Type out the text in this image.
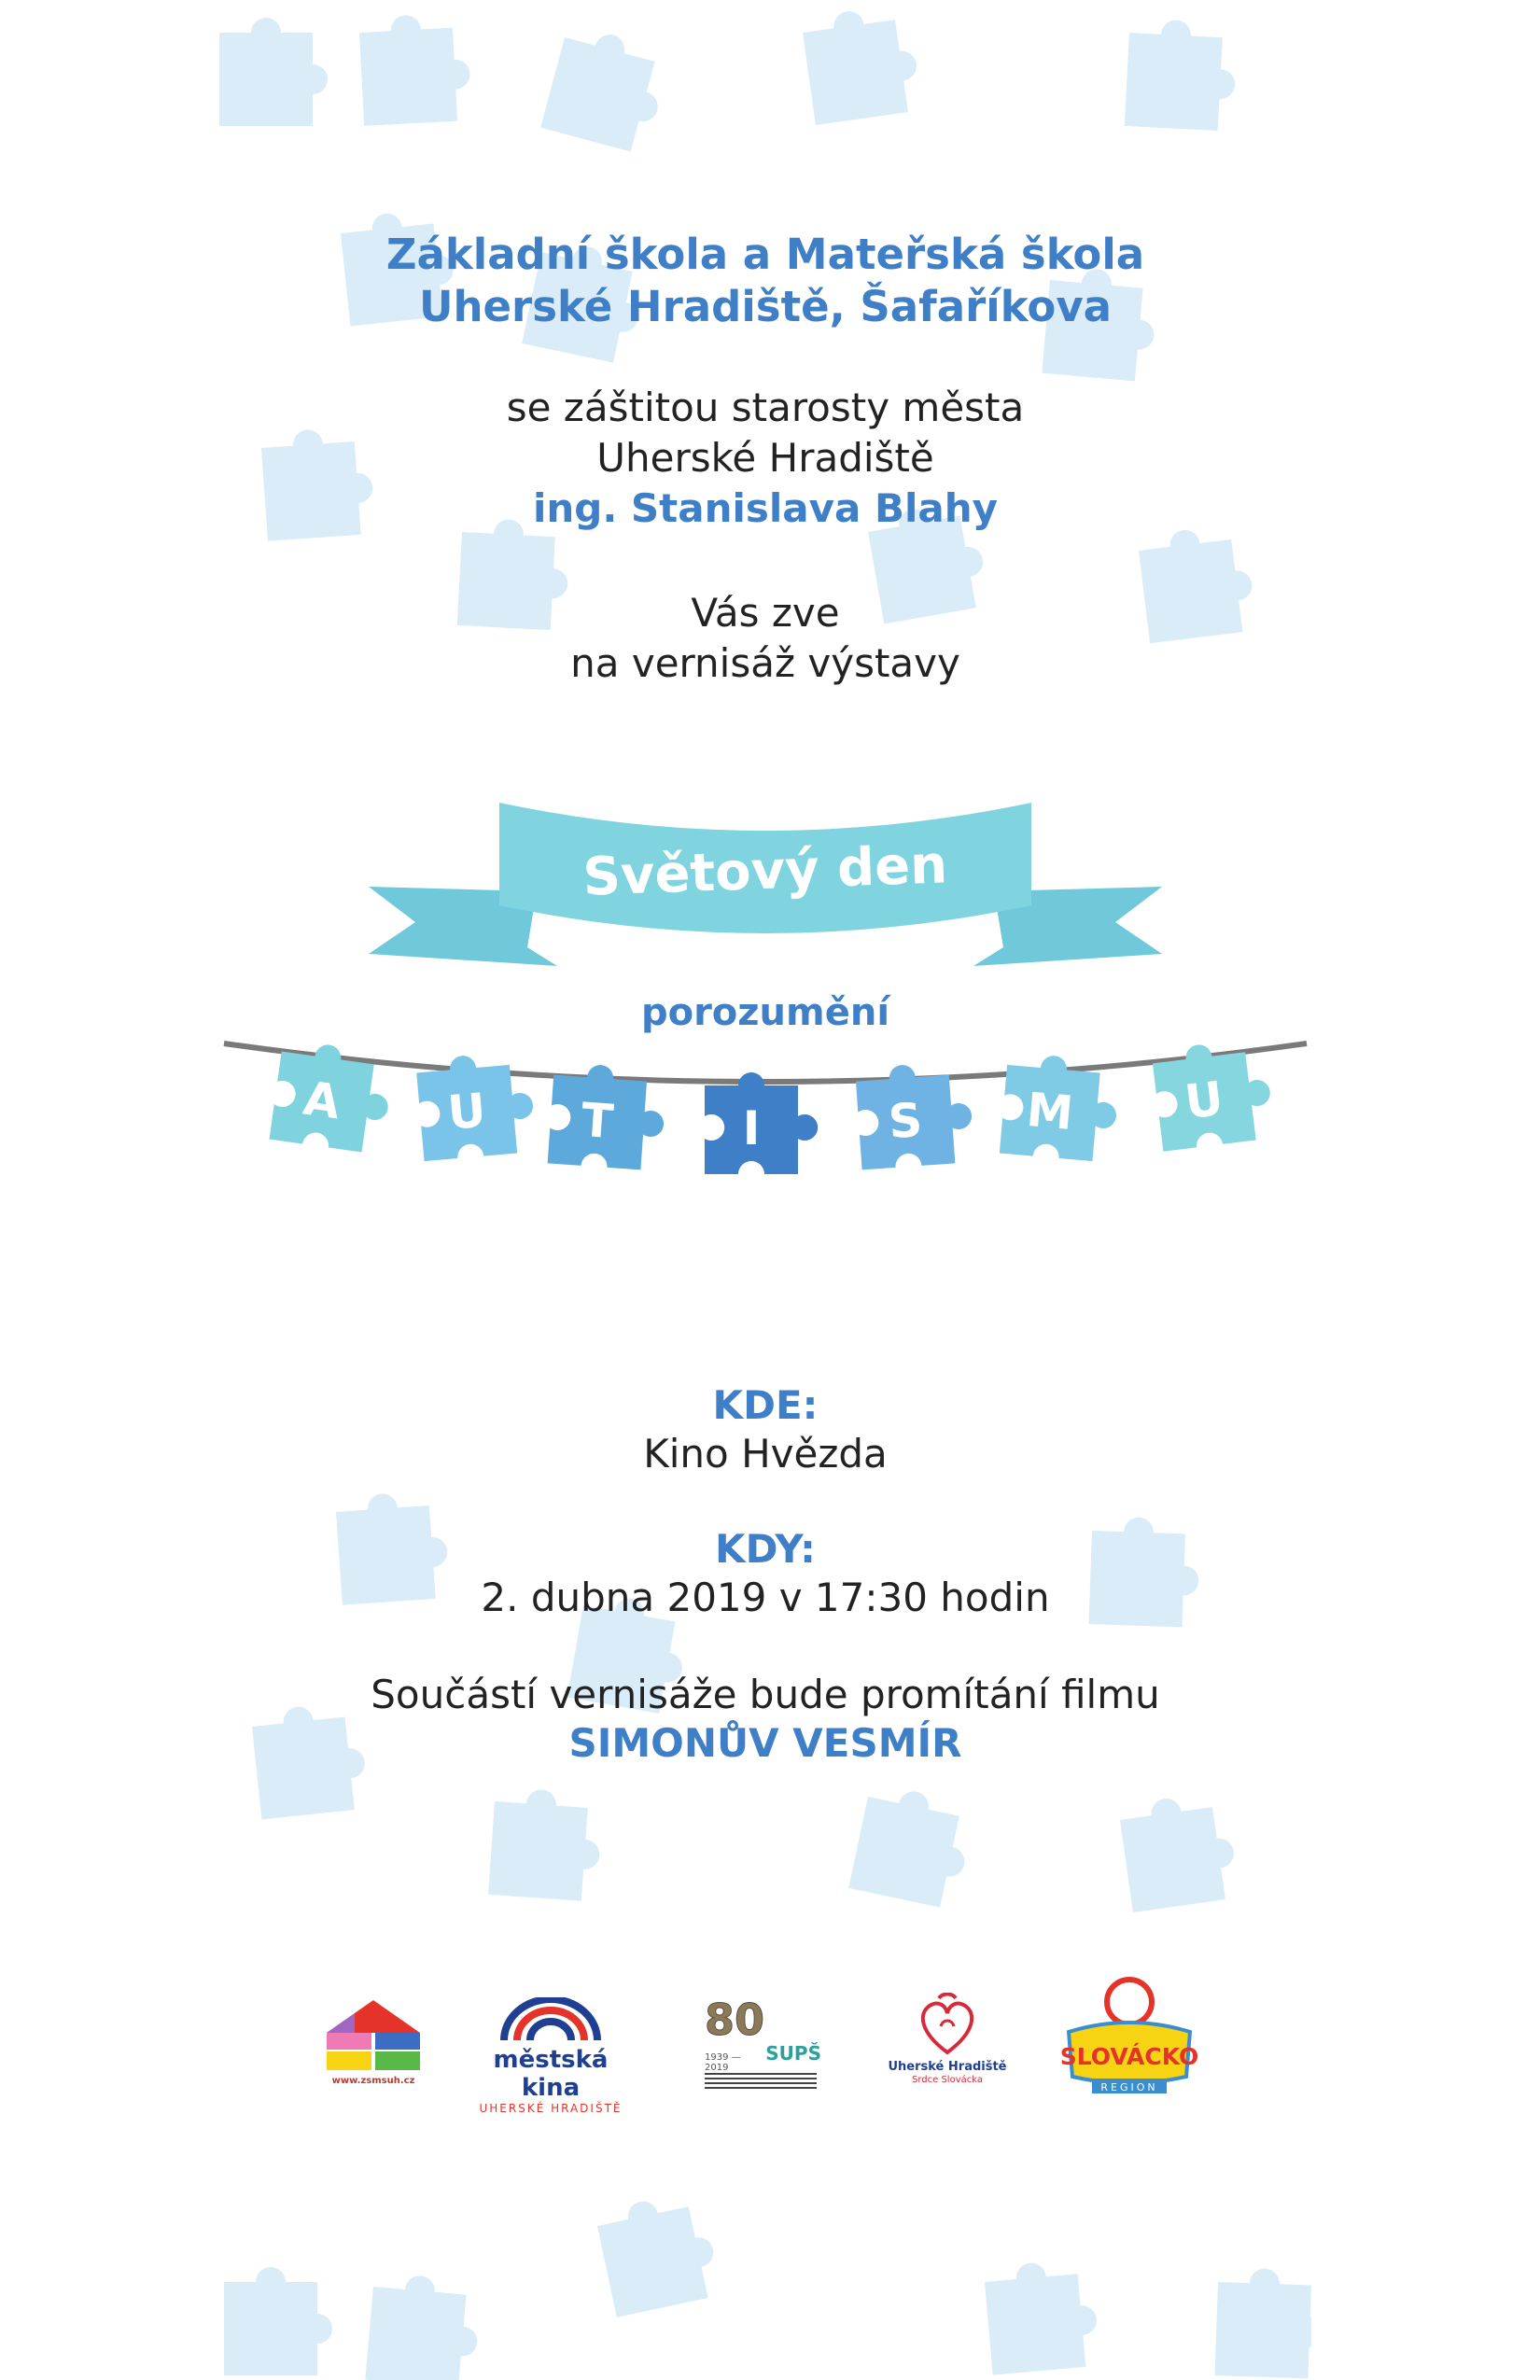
Základní škola a Mateřská škola
Uherské Hradiště, Šafaříkova
se záštitou starosty města
Uherské Hradiště
ing. Stanislava Blahy
Vás zve
na vernisáž výstavy
Světový den
porozumění
A U T	I	S M U
KDE:
Kino Hvězda
KDY:
2. dubna 2019 v 17:30 hodin
Součástí vernisáže bude promítání filmu
SIMONŮV VESMÍR
www.zsmsuh.cz
městská kina
UHERSKÉ HRADIŠTĚ
80
1939 — 2019
SUPŠ
Uherské Hradiště
Srdce Slovácka
SLOVÁCKO
REGION
